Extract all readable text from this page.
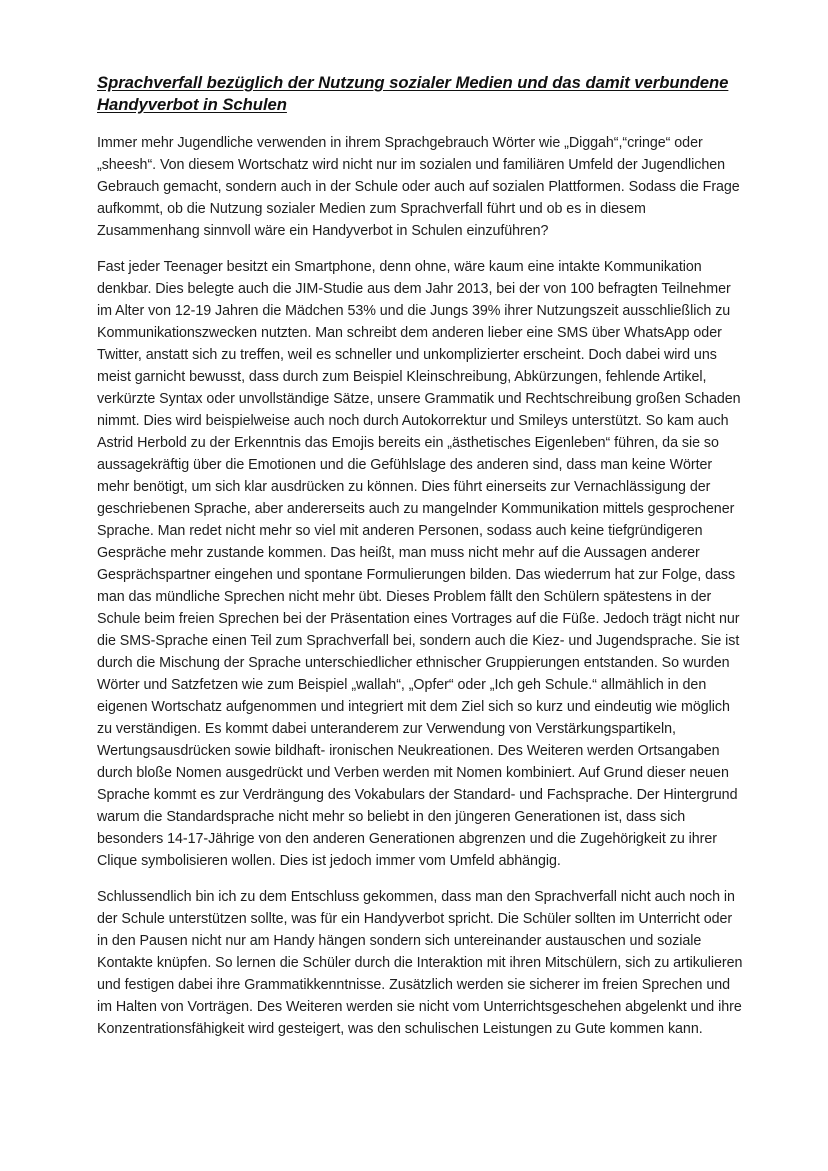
Sprachverfall bezüglich der Nutzung sozialer Medien und das damit verbundene Handyverbot in Schulen

Immer mehr Jugendliche verwenden in ihrem Sprachgebrauch Wörter wie „Diggah“,“cringe“ oder „sheesh“. Von diesem Wortschatz wird nicht nur im sozialen und familiären Umfeld der Jugendlichen Gebrauch gemacht, sondern auch in der Schule oder auch auf sozialen Plattformen. Sodass die Frage aufkommt, ob die Nutzung sozialer Medien zum Sprachverfall führt und ob es in diesem Zusammenhang sinnvoll wäre ein Handyverbot in Schulen einzuführen?

Fast jeder Teenager besitzt ein Smartphone, denn ohne, wäre kaum eine intakte Kommunikation denkbar. Dies belegte auch die JIM-Studie aus dem Jahr 2013, bei der von 100 befragten Teilnehmer im Alter von 12-19 Jahren die Mädchen 53% und die Jungs 39% ihrer Nutzungszeit ausschließlich zu Kommunikationszwecken nutzten. Man schreibt dem anderen lieber eine SMS über WhatsApp oder Twitter, anstatt sich zu treffen, weil es schneller und unkomplizierter erscheint. Doch dabei wird uns meist garnicht bewusst, dass durch zum Beispiel Kleinschreibung, Abkürzungen, fehlende Artikel, verkürzte Syntax oder unvollständige Sätze, unsere Grammatik und Rechtschreibung großen Schaden nimmt. Dies wird beispielweise auch noch durch Autokorrektur und Smileys unterstützt. So kam auch Astrid Herbold zu der Erkenntnis das Emojis bereits ein „ästhetisches Eigenleben“ führen, da sie so aussagekräftig über die Emotionen und die Gefühlslage des anderen sind, dass man keine Wörter mehr benötigt, um sich klar ausdrücken zu können. Dies führt einerseits zur Vernachlässigung der geschriebenen Sprache, aber andererseits auch zu mangelnder Kommunikation mittels gesprochener Sprache. Man redet nicht mehr so viel mit anderen Personen, sodass auch keine tiefgründigeren Gespräche mehr zustande kommen. Das heißt, man muss nicht mehr auf die Aussagen anderer Gesprächspartner eingehen und spontane Formulierungen bilden. Das wiederrum hat zur Folge, dass man das mündliche Sprechen nicht mehr übt. Dieses Problem fällt den Schülern spätestens in der Schule beim freien Sprechen bei der Präsentation eines Vortrages auf die Füße. Jedoch trägt nicht nur die SMS-Sprache einen Teil zum Sprachverfall bei, sondern auch die Kiez- und Jugendsprache. Sie ist durch die Mischung der Sprache unterschiedlicher ethnischer Gruppierungen entstanden. So wurden Wörter und Satzfetzen wie zum Beispiel „wallah“, „Opfer“ oder „Ich geh Schule.“ allmählich in den eigenen Wortschatz aufgenommen und integriert mit dem Ziel sich so kurz und eindeutig wie möglich zu verständigen. Es kommt dabei unteranderem zur Verwendung von Verstärkungspartikeln, Wertungsausdrücken sowie bildhaft- ironischen Neukreationen. Des Weiteren werden Ortsangaben durch bloße Nomen ausgedrückt und Verben werden mit Nomen kombiniert. Auf Grund dieser neuen Sprache kommt es zur Verdrängung des Vokabulars der Standard- und Fachsprache. Der Hintergrund warum die Standardsprache nicht mehr so beliebt in den jüngeren Generationen ist, dass sich besonders 14-17-Jährige von den anderen Generationen abgrenzen und die Zugehörigkeit zu ihrer Clique symbolisieren wollen. Dies ist jedoch immer vom Umfeld abhängig.

Schlussendlich bin ich zu dem Entschluss gekommen, dass man den Sprachverfall nicht auch noch in der Schule unterstützen sollte, was für ein Handyverbot spricht. Die Schüler sollten im Unterricht oder in den Pausen nicht nur am Handy hängen sondern sich untereinander austauschen und soziale Kontakte knüpfen. So lernen die Schüler durch die Interaktion mit ihren Mitschülern, sich zu artikulieren und festigen dabei ihre Grammatikkenntnisse. Zusätzlich werden sie sicherer im freien Sprechen und im Halten von Vorträgen. Des Weiteren werden sie nicht vom Unterrichtsgeschehen abgelenkt und ihre Konzentrationsfähigkeit wird gesteigert, was den schulischen Leistungen zu Gute kommen kann.
